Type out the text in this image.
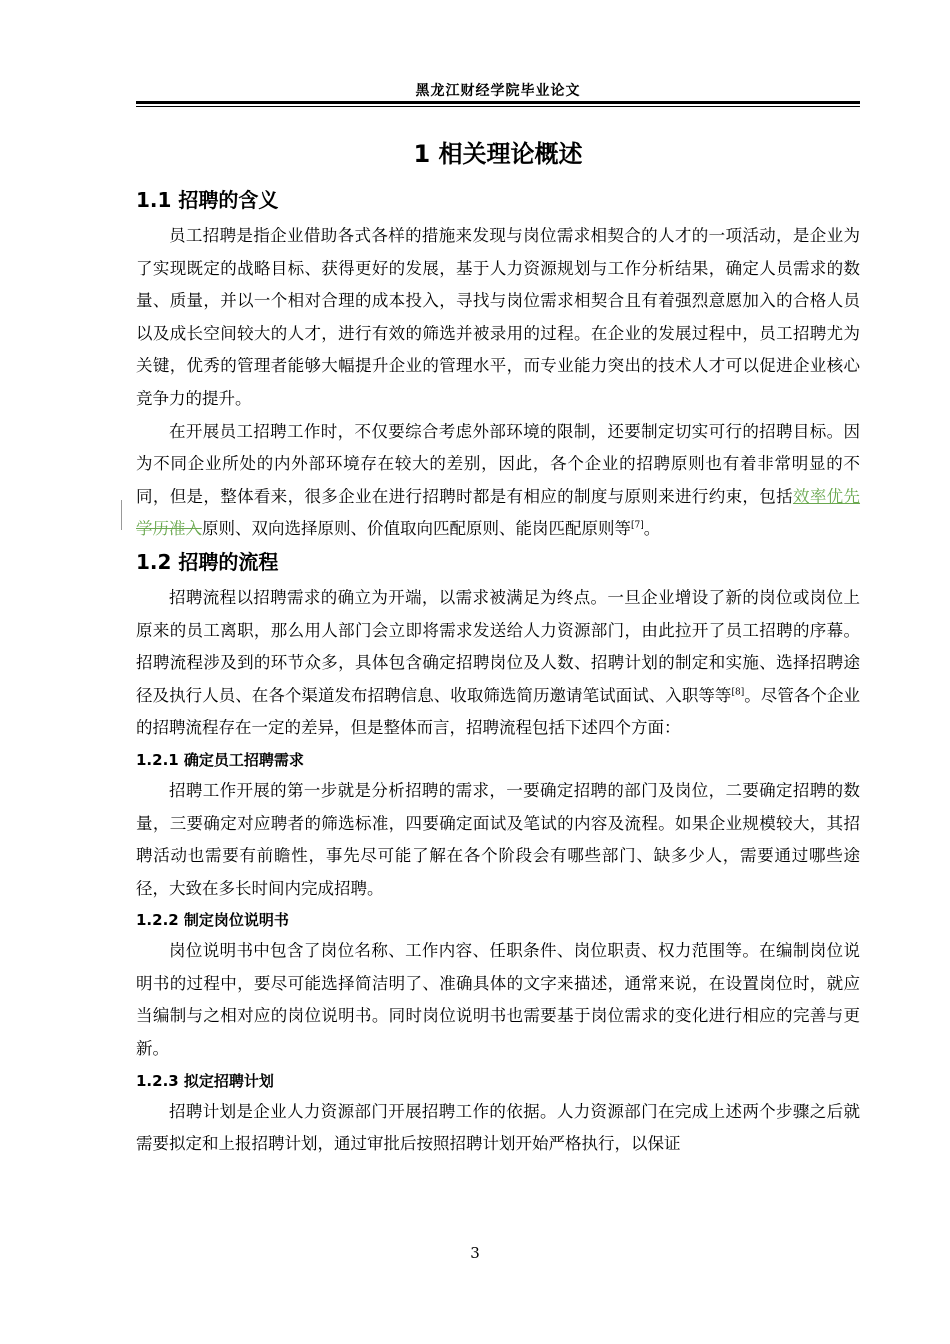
黑龙江财经学院毕业论文
1 相关理论概述
1.1 招聘的含义

员工招聘是指企业借助各式各样的措施来发现与岗位需求相契合的人才的一项活动，是企业为了实现既定的战略目标、获得更好的发展，基于人力资源规划与工作分析结果，确定人员需求的数量、质量，并以一个相对合理的成本投入，寻找与岗位需求相契合且有着强烈意愿加入的合格人员以及成长空间较大的人才，进行有效的筛选并被录用的过程。在企业的发展过程中，员工招聘尤为关键，优秀的管理者能够大幅提升企业的管理水平，而专业能力突出的技术人才可以促进企业核心竞争力的提升。

在开展员工招聘工作时，不仅要综合考虑外部环境的限制，还要制定切实可行的招聘目标。因为不同企业所处的内外部环境存在较大的差别，因此，各个企业的招聘原则也有着非常明显的不同，但是，整体看来，很多企业在进行招聘时都是有相应的制度与原则来进行约束，包括效率优先学历准入原则、双向选择原则、价值取向匹配原则、能岗匹配原则等[7]。

1.2 招聘的流程

招聘流程以招聘需求的确立为开端，以需求被满足为终点。一旦企业增设了新的岗位或岗位上原来的员工离职，那么用人部门会立即将需求发送给人力资源部门，由此拉开了员工招聘的序幕。招聘流程涉及到的环节众多，具体包含确定招聘岗位及人数、招聘计划的制定和实施、选择招聘途径及执行人员、在各个渠道发布招聘信息、收取筛选简历邀请笔试面试、入职等等[8]。尽管各个企业的招聘流程存在一定的差异，但是整体而言，招聘流程包括下述四个方面：

1.2.1 确定员工招聘需求

招聘工作开展的第一步就是分析招聘的需求，一要确定招聘的部门及岗位，二要确定招聘的数量，三要确定对应聘者的筛选标准，四要确定面试及笔试的内容及流程。如果企业规模较大，其招聘活动也需要有前瞻性，事先尽可能了解在各个阶段会有哪些部门、缺多少人，需要通过哪些途径，大致在多长时间内完成招聘。

1.2.2 制定岗位说明书

岗位说明书中包含了岗位名称、工作内容、任职条件、岗位职责、权力范围等。在编制岗位说明书的过程中，要尽可能选择简洁明了、准确具体的文字来描述，通常来说，在设置岗位时，就应当编制与之相对应的岗位说明书。同时岗位说明书也需要基于岗位需求的变化进行相应的完善与更新。

1.2.3 拟定招聘计划

招聘计划是企业人力资源部门开展招聘工作的依据。人力资源部门在完成上述两个步骤之后就需要拟定和上报招聘计划，通过审批后按照招聘计划开始严格执行，以保证

3
